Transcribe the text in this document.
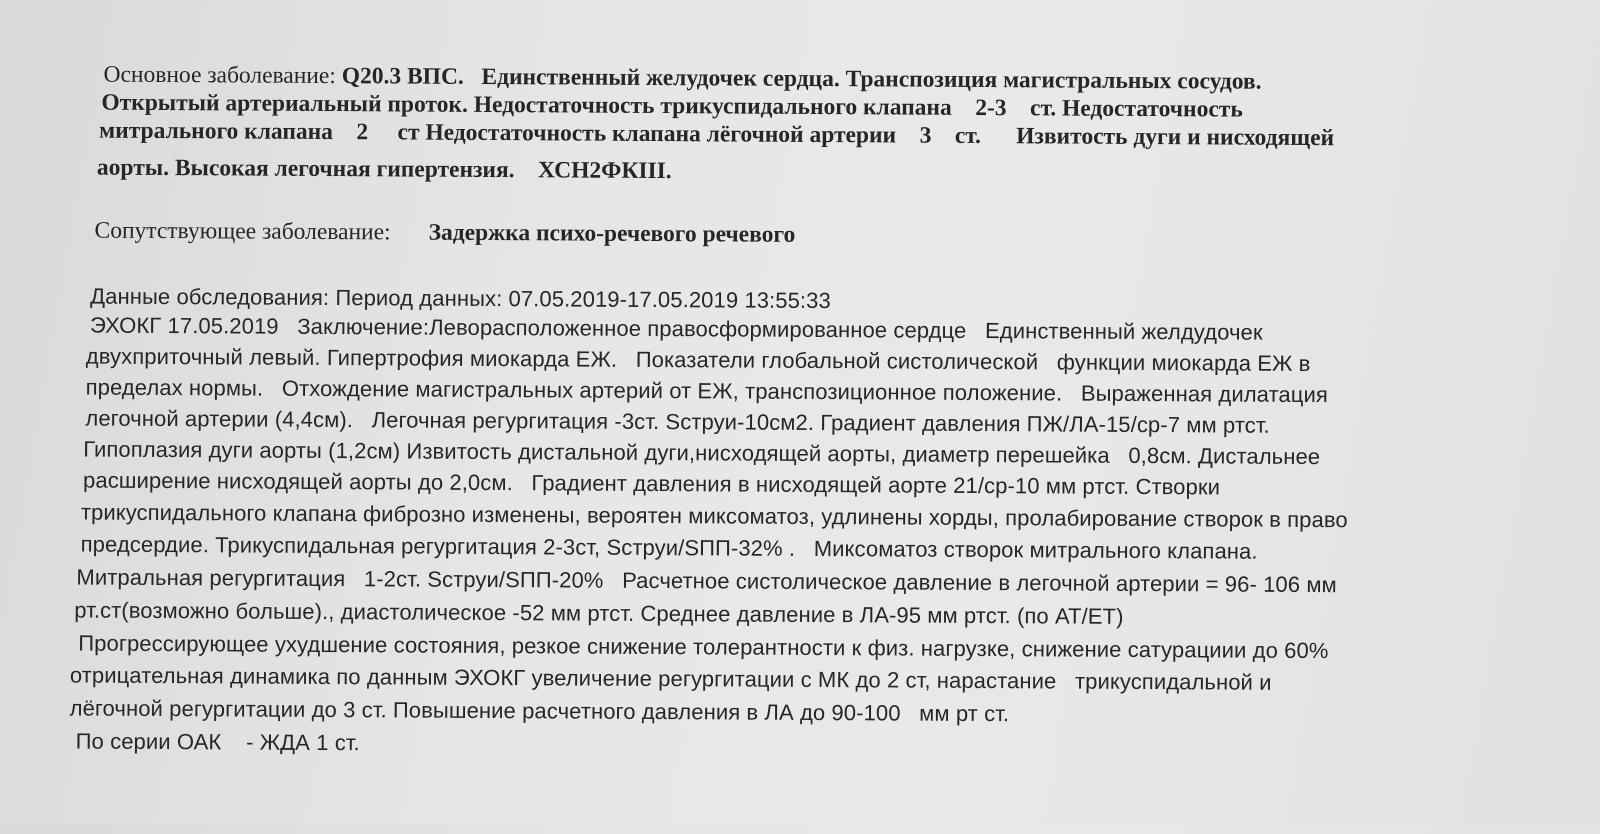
Основное заболевание: Q20.3 ВПС.   Единственный желудочек сердца. Транспозиция магистральных сосудов.
Открытый артериальный проток. Недостаточность трикуспидального клапана    2-3    ст. Недостаточность
митрального клапана    2     ст Недостаточность клапана лёгочной артерии    3    ст.      Извитость дуги и нисходящей
аорты. Высокая легочная гипертензия.    ХСН2ФКIII.
Сопутствующее заболевание: Задержка психо-речевого речевого
Данные обследования: Период данных: 07.05.2019-17.05.2019 13:55:33
ЭХОКГ 17.05.2019   Заключение:Леворасположенное правосформированное сердце   Единственный желдудочек
двухприточный левый. Гипертрофия миокарда ЕЖ.   Показатели глобальной систолической   функции миокарда ЕЖ в
пределах нормы.   Отхождение магистральных артерий от ЕЖ, транспозиционное положение.   Выраженная дилатация
легочной артерии (4,4см).   Легочная регургитация -3ст. Sструи-10см2. Градиент давления ПЖ/ЛА-15/ср-7 мм ртст.
Гипоплазия дуги аорты (1,2см) Извитость дистальной дуги,нисходящей аорты, диаметр перешейка   0,8см. Дистальнее
расширение нисходящей аорты до 2,0см.   Градиент давления в нисходящей аорте 21/ср-10 мм ртст. Створки
трикуспидального клапана фиброзно изменены, вероятен миксоматоз, удлинены хорды, пролабирование створок в право
предсердие. Трикуспидальная регургитация 2-3ст, Sструи/SПП-32% .   Миксоматоз створок митрального клапана.
Митральная регургитация   1-2ст. Sструи/SПП-20%   Расчетное систолическое давление в легочной артерии = 96- 106 мм
рт.ст(возможно больше)., диастолическое -52 мм ртст. Среднее давление в ЛА-95 мм ртст. (по АТ/ЕТ)
Прогрессирующее ухудшение состояния, резкое снижение толерантности к физ. нагрузке, снижение сатурациии до 60%
отрицательная динамика по данным ЭХОКГ увеличение регургитации с МК до 2 ст, нарастание   трикуспидальной и
лёгочной регургитации до 3 ст. Повышение расчетного давления в ЛА до 90-100   мм рт ст.
По серии ОАК    - ЖДА 1 ст.
